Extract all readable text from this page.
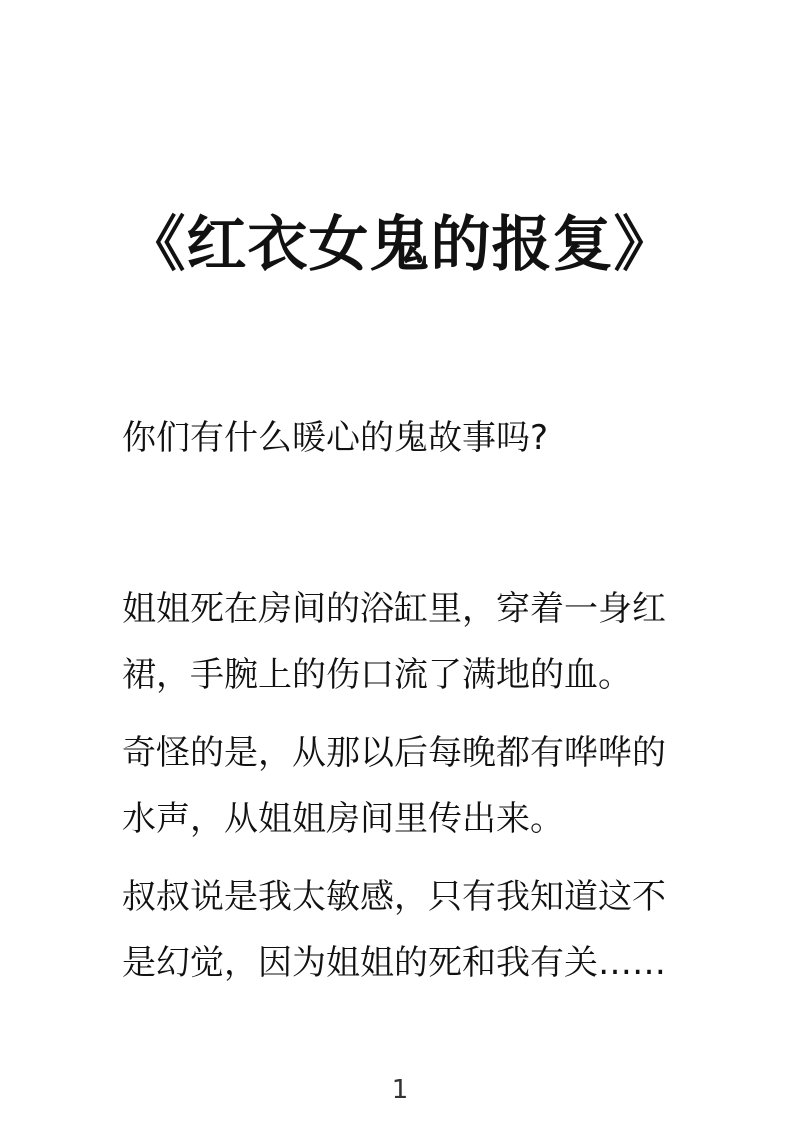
《红衣女鬼的报复》
你们有什么暖心的鬼故事吗?

姐姐死在房间的浴缸里，穿着一身红
裙，手腕上的伤口流了满地的血。

奇怪的是，从那以后每晚都有哗哗的
水声，从姐姐房间里传出来。

叔叔说是我太敏感，只有我知道这不
是幻觉，因为姐姐的死和我有关……

1
